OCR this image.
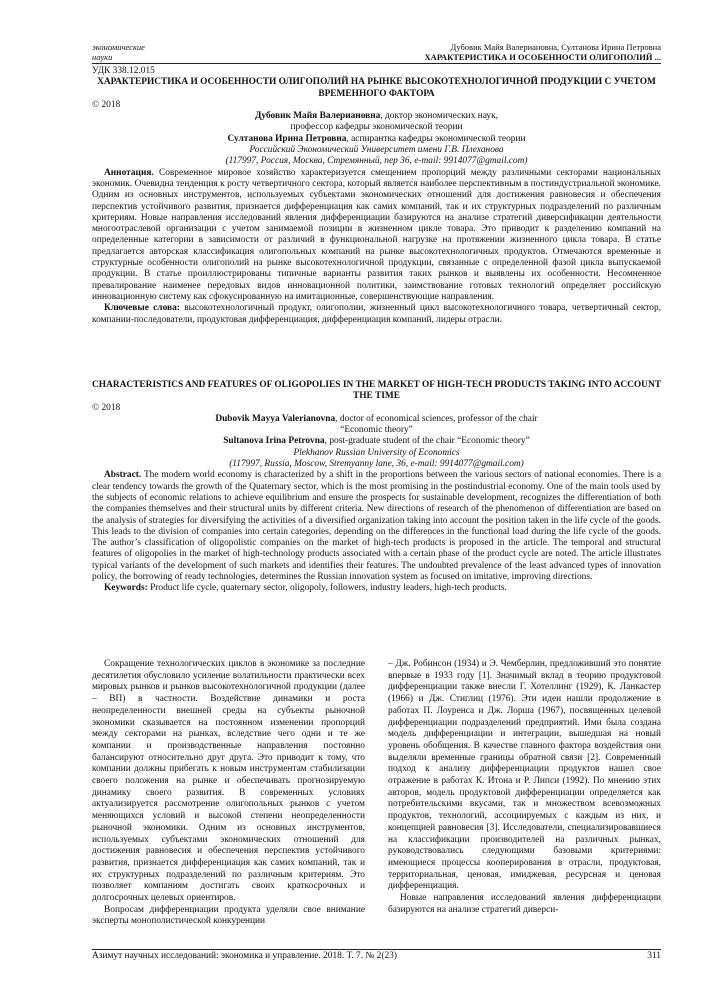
экономические
науки
Дубовик Майя Валериановна, Султанова Ирина Петровна
ХАРАКТЕРИСТИКА И ОСОБЕННОСТИ ОЛИГОПОЛИЙ ...

УДК 338.12.015

ХАРАКТЕРИСТИКА И ОСОБЕННОСТИ ОЛИГОПОЛИЙ НА РЫНКЕ ВЫСОКОТЕХНОЛОГИЧНОЙ ПРОДУКЦИИ С УЧЕТОМ ВРЕМЕННОГО ФАКТОРА

© 2018

Дубовик Майя Валериановна, доктор экономических наук,

профессор кафедры экономической теории

Султанова Ирина Петровна, аспирантка кафедры экономической теории

Российский Экономический Университет имени Г.В. Плеханова

(117997, Россия, Москва, Стремянный, пер 36, e-mail: 9914077@gmail.com)

Аннотация. Современное мировое хозяйство характеризуется смещением пропорций между различными секторами национальных экономик. Очевидна тенденция к росту четвертичного сектора, который является наиболее перспективным в постиндустриальной экономике. Одним из основных инструментов, используемых субъектами экономических отношений для достижения равновесия и обеспечения перспектив устойчивого развития, признается дифференциация как самих компаний, так и их структурных подразделений по различным критериям. Новые направления исследований явления дифференциации базируются на анализе стратегий диверсификации деятельности многоотраслевой организации с учетом занимаемой позиции в жизненном цикле товара. Это приводит к разделению компаний на определенные категории в зависимости от различий в функциональной нагрузке на протяжении жизненного цикла товара. В статье предлагается авторская классификация олигопольных компаний на рынке высокотехнологичных продуктов. Отмечаются временные и структурные особенности олигополий на рынке высокотехнологичной продукции, связанные с определенной фазой цикла выпускаемой продукции. В статье проиллюстрированы типичные варианты развития таких рынков и выявлены их особенности. Несомненное превалирование наименее передовых видов инновационной политики, заимствование готовых технологий определяет российскую инновационную систему как сфокусированную на имитационные, совершенствующие направления.

Ключевые слова: высокотехнологичный продукт, олигополии, жизненный цикл высокотехнологичного товара, четвертичный сектор, компании-последователи, продуктовая дифференциация, дифференциация компаний, лидеры отрасли.

CHARACTERISTICS AND FEATURES OF OLIGOPOLIES IN THE MARKET OF HIGH-TECH PRODUCTS TAKING INTO ACCOUNT THE TIME

© 2018

Dubovik Mayya Valerianovna, doctor of economical sciences, professor of the chair

“Economic theory”

Sultanova Irina Petrovna, post-graduate student of the chair “Economic theory”

Plekhanov Russian University of Economics

(117997, Russia, Moscow, Stremyanny lane, 36, e-mail: 9914077@gmail.com)

Abstract. The modern world economy is characterized by a shift in the proportions between the various sectors of national economies. There is a clear tendency towards the growth of the Quaternary sector, which is the most promising in the postindustrial economy. One of the main tools used by the subjects of economic relations to achieve equilibrium and ensure the prospects for sustainable development, recognizes the differentiation of both the companies themselves and their structural units by different criteria. New directions of research of the phenomenon of differentiation are based on the analysis of strategies for diversifying the activities of a diversified organization taking into account the position taken in the life cycle of the goods. This leads to the division of companies into certain categories, depending on the differences in the functional load during the life cycle of the goods. The author’s classification of oligopolistic companies on the market of high-tech products is proposed in the article. The temporal and structural features of oligopolies in the market of high-technology products associated with a certain phase of the product cycle are noted. The article illustrates typical variants of the development of such markets and identifies their features. The undoubted prevalence of the least advanced types of innovation policy, the borrowing of ready technologies, determines the Russian innovation system as focused on imitative, improving directions.

Keywords: Product life cycle, quaternary sector, oligopoly, followers, industry leaders, high-tech products.

Сокращение технологических циклов в экономике за последние десятилетия обусловило усиление волатильности практически всех мировых рынков и рынков высокотехнологичной продукции (далее – ВП) в частности. Воздействие динамики и роста неопределенности внешней среды на субъекты рыночной экономики сказывается на постоянном изменении пропорций между секторами на рынках, вследствие чего одни и те же компании и производственные направления постоянно балансируют относительно друг друга. Это приводит к тому, что компании должны прибегать к новым инструментам стабилизации своего положения на рынке и обеспечивать прогнозируемую динамику своего развития. В современных условиях актуализируется рассмотрение олигопольных рынков с учетом меняющихся условий и высокой степени неопределенности рыночной экономики. Одним из основных инструментов, используемых субъектами экономических отношений для достижения равновесия и обеспечения перспектив устойчивого развития, признается дифференциация как самих компаний, так и их структурных подразделений по различным критериям. Это позволяет компаниям достигать своих краткосрочных и долгосрочных целевых ориентиров.

Вопросам дифференциации продукта уделяли свое внимание эксперты монополистической конкуренции

– Дж. Робинсон (1934) и Э. Чемберлин, предложивший это понятие впервые в 1933 году [1]. Значимый вклад в теорию продуктовой дифференциации также внесли Г. Хотеллинг (1929), К. Ланкастер (1966) и Дж. Стиглиц (1976). Эти идеи нашли продолжение в работах П. Лоуренса и Дж. Лорша (1967), посвященных целевой дифференциации подразделений предприятий. Ими была создана модель дифференциации и интеграции, вышедшая на новый уровень обобщения. В качестве главного фактора воздействия они выделяли временные границы обратной связи [2]. Современный подход к анализу дифференциации продуктов нашел свое отражение в работах К. Итона и Р. Липси (1992). По мнению этих авторов, модель продуктовой дифференциации определяется как потребительскими вкусами, так и множеством всевозможных продуктов, технологий, ассоциируемых с каждым из них, и концепцией равновесия [3]. Исследователи, специализировавшиеся на классификации производителей на различных рынках, руководствовались следующими базовыми критериями: имеющиеся процессы кооперирования в отрасли, продуктовая, территориальная, ценовая, имиджевая, ресурсная и ценовая дифференциация.

Новые направления исследований явления дифференциации базируются на анализе стратегий диверси-

Азимут научных исследований: экономика и управление. 2018. Т. 7. № 2(23)	311
